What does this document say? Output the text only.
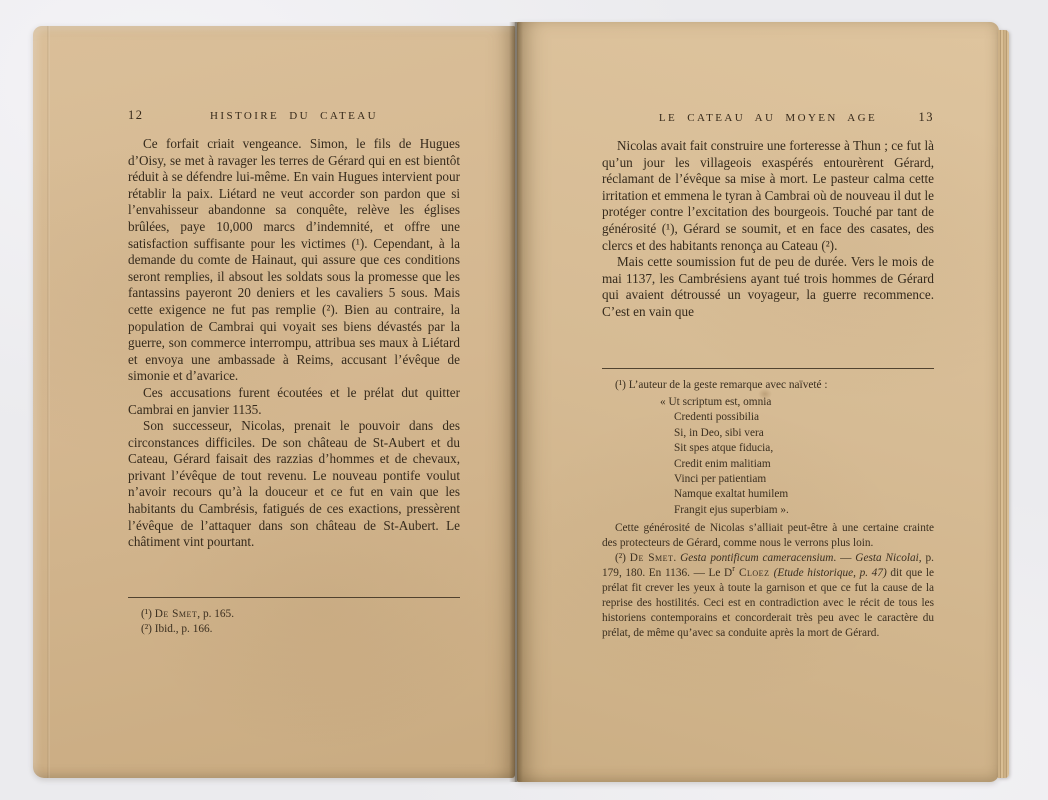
12	HISTOIRE DU CATEAU

Ce forfait criait vengeance. Simon, le fils de Hugues d’Oisy, se met à ravager les terres de Gérard qui en est bientôt réduit à se défendre lui-même. En vain Hugues intervient pour rétablir la paix. Liétard ne veut accorder son pardon que si l’envahisseur abandonne sa conquête, relève les églises brûlées, paye 10,000 marcs d’indemnité, et offre une satisfaction suffisante pour les victimes (¹). Cependant, à la demande du comte de Hainaut, qui assure que ces conditions seront remplies, il absout les soldats sous la promesse que les fantassins payeront 20 deniers et les cavaliers 5 sous. Mais cette exigence ne fut pas remplie (²). Bien au contraire, la population de Cambrai qui voyait ses biens dévastés par la guerre, son commerce interrompu, attribua ses maux à Liétard et envoya une ambassade à Reims, accusant l’évêque de simonie et d’avarice.

Ces accusations furent écoutées et le prélat dut quitter Cambrai en janvier 1135.

Son successeur, Nicolas, prenait le pouvoir dans des circonstances difficiles. De son château de St-Aubert et du Cateau, Gérard faisait des razzias d’hommes et de chevaux, privant l’évêque de tout revenu. Le nouveau pontife voulut n’avoir recours qu’à la douceur et ce fut en vain que les habitants du Cambrésis, fatigués de ces exactions, pressèrent l’évêque de l’attaquer dans son château de St-Aubert. Le châtiment vint pourtant.

(¹) De Smet, p. 165.

(²) Ibid., p. 166.

LE CATEAU AU MOYEN AGE	13

Nicolas avait fait construire une forteresse à Thun ; ce fut là qu’un jour les villageois exaspérés entourèrent Gérard, réclamant de l’évêque sa mise à mort. Le pasteur calma cette irritation et emmena le tyran à Cambrai où de nouveau il dut le protéger contre l’excitation des bourgeois. Touché par tant de générosité (¹), Gérard se soumit, et en face des casates, des clercs et des habitants renonça au Cateau (²).

Mais cette soumission fut de peu de durée. Vers le mois de mai 1137, les Cambrésiens ayant tué trois hommes de Gérard qui avaient détroussé un voyageur, la guerre recommence. C’est en vain que

(¹) L’auteur de la geste remarque avec naïveté :

« Ut scriptum est, omnia
Credenti possibilia
Si, in Deo, sibi vera
Sit spes atque fiducia,
Credit enim malitiam
Vinci per patientiam
Namque exaltat humilem
Frangit ejus superbiam ».

Cette générosité de Nicolas s’alliait peut-être à une certaine crainte des protecteurs de Gérard, comme nous le verrons plus loin.

(²) De Smet. Gesta pontificum cameracensium. — Gesta Nicolai, p. 179, 180. En 1136. — Le $D^r$ Cloez (Etude historique, p. 47) dit que le prélat fit crever les yeux à toute la garnison et que ce fut la cause de la reprise des hostilités. Ceci est en contradiction avec le récit de tous les historiens contemporains et concorderait très peu avec le caractère du prélat, de même qu’avec sa conduite après la mort de Gérard.
